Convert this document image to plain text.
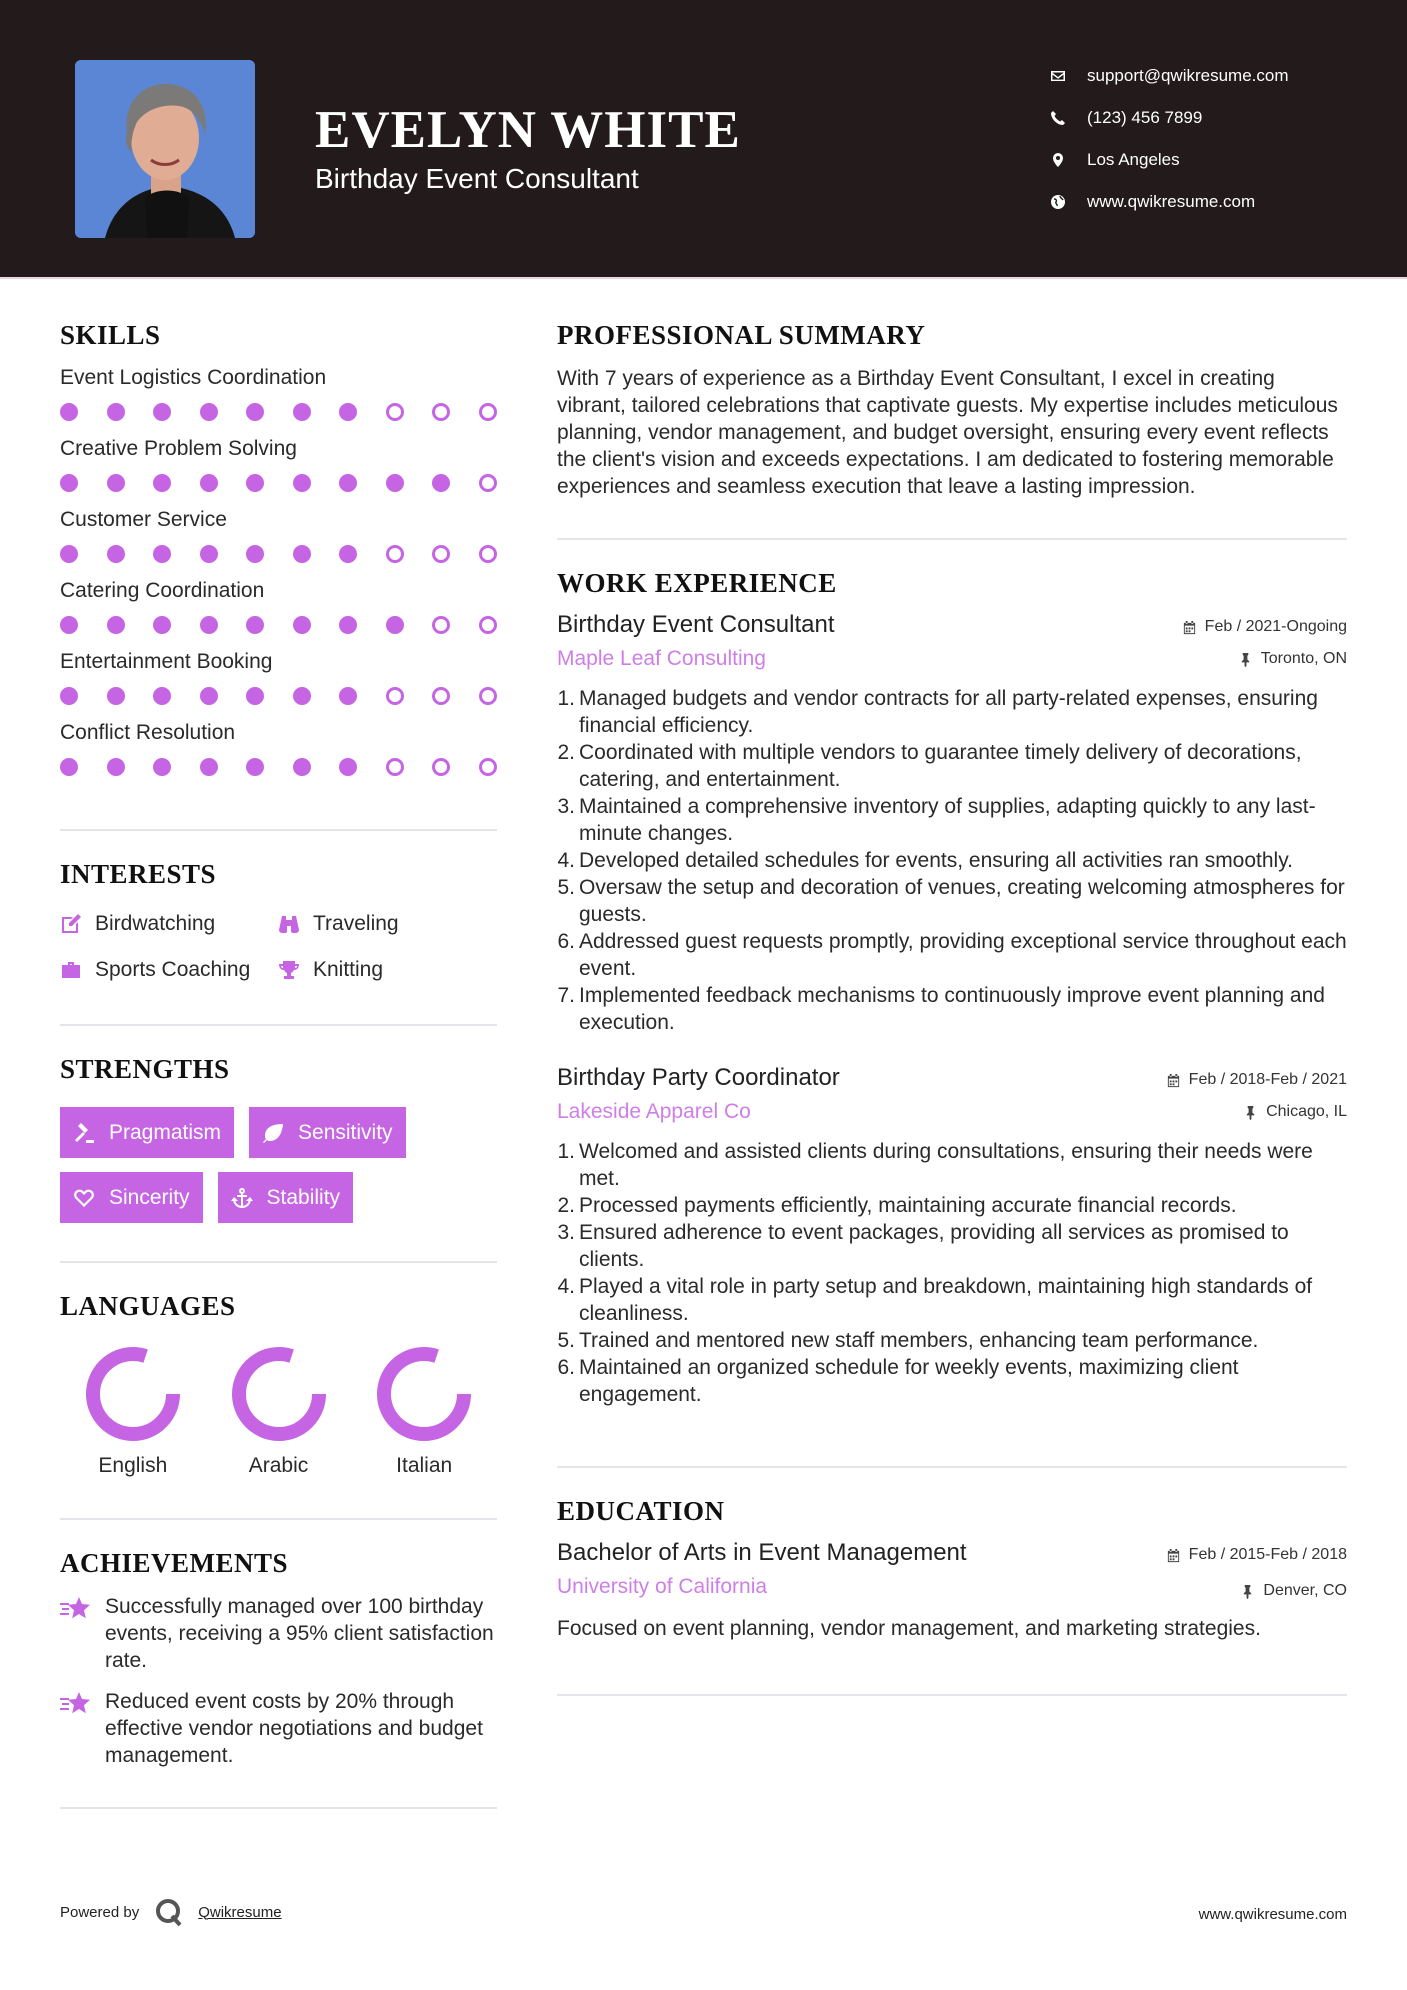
EVELYN WHITE
Birthday Event Consultant
support@qwikresume.com
(123) 456 7899
Los Angeles
www.qwikresume.com
SKILLS
Event Logistics Coordination
Creative Problem Solving
Customer Service
Catering Coordination
Entertainment Booking
Conflict Resolution
INTERESTS
Birdwatching	Traveling
Sports Coaching	Knitting
STRENGTHS
Pragmatism	Sensitivity
Sincerity	Stability
LANGUAGES
English	Arabic	Italian
ACHIEVEMENTS
Successfully managed over 100 birthday events, receiving a 95% client satisfaction rate.
Reduced event costs by 20% through effective vendor negotiations and budget management.
PROFESSIONAL SUMMARY
With 7 years of experience as a Birthday Event Consultant, I excel in creating vibrant, tailored celebrations that captivate guests. My expertise includes meticulous planning, vendor management, and budget oversight, ensuring every event reflects the client's vision and exceeds expectations. I am dedicated to fostering memorable experiences and seamless execution that leave a lasting impression.
WORK EXPERIENCE
Birthday Event Consultant
Maple Leaf Consulting
Feb / 2021-Ongoing
Toronto, ON
1. Managed budgets and vendor contracts for all party-related expenses, ensuring financial efficiency.
2. Coordinated with multiple vendors to guarantee timely delivery of decorations, catering, and entertainment.
3. Maintained a comprehensive inventory of supplies, adapting quickly to any last-minute changes.
4. Developed detailed schedules for events, ensuring all activities ran smoothly.
5. Oversaw the setup and decoration of venues, creating welcoming atmospheres for guests.
6. Addressed guest requests promptly, providing exceptional service throughout each event.
7. Implemented feedback mechanisms to continuously improve event planning and execution.
Birthday Party Coordinator
Lakeside Apparel Co
Feb / 2018-Feb / 2021
Chicago, IL
1. Welcomed and assisted clients during consultations, ensuring their needs were met.
2. Processed payments efficiently, maintaining accurate financial records.
3. Ensured adherence to event packages, providing all services as promised to clients.
4. Played a vital role in party setup and breakdown, maintaining high standards of cleanliness.
5. Trained and mentored new staff members, enhancing team performance.
6. Maintained an organized schedule for weekly events, maximizing client engagement.
EDUCATION
Bachelor of Arts in Event Management
University of California
Feb / 2015-Feb / 2018
Denver, CO
Focused on event planning, vendor management, and marketing strategies.
Powered by	Qwikresume	www.qwikresume.com
